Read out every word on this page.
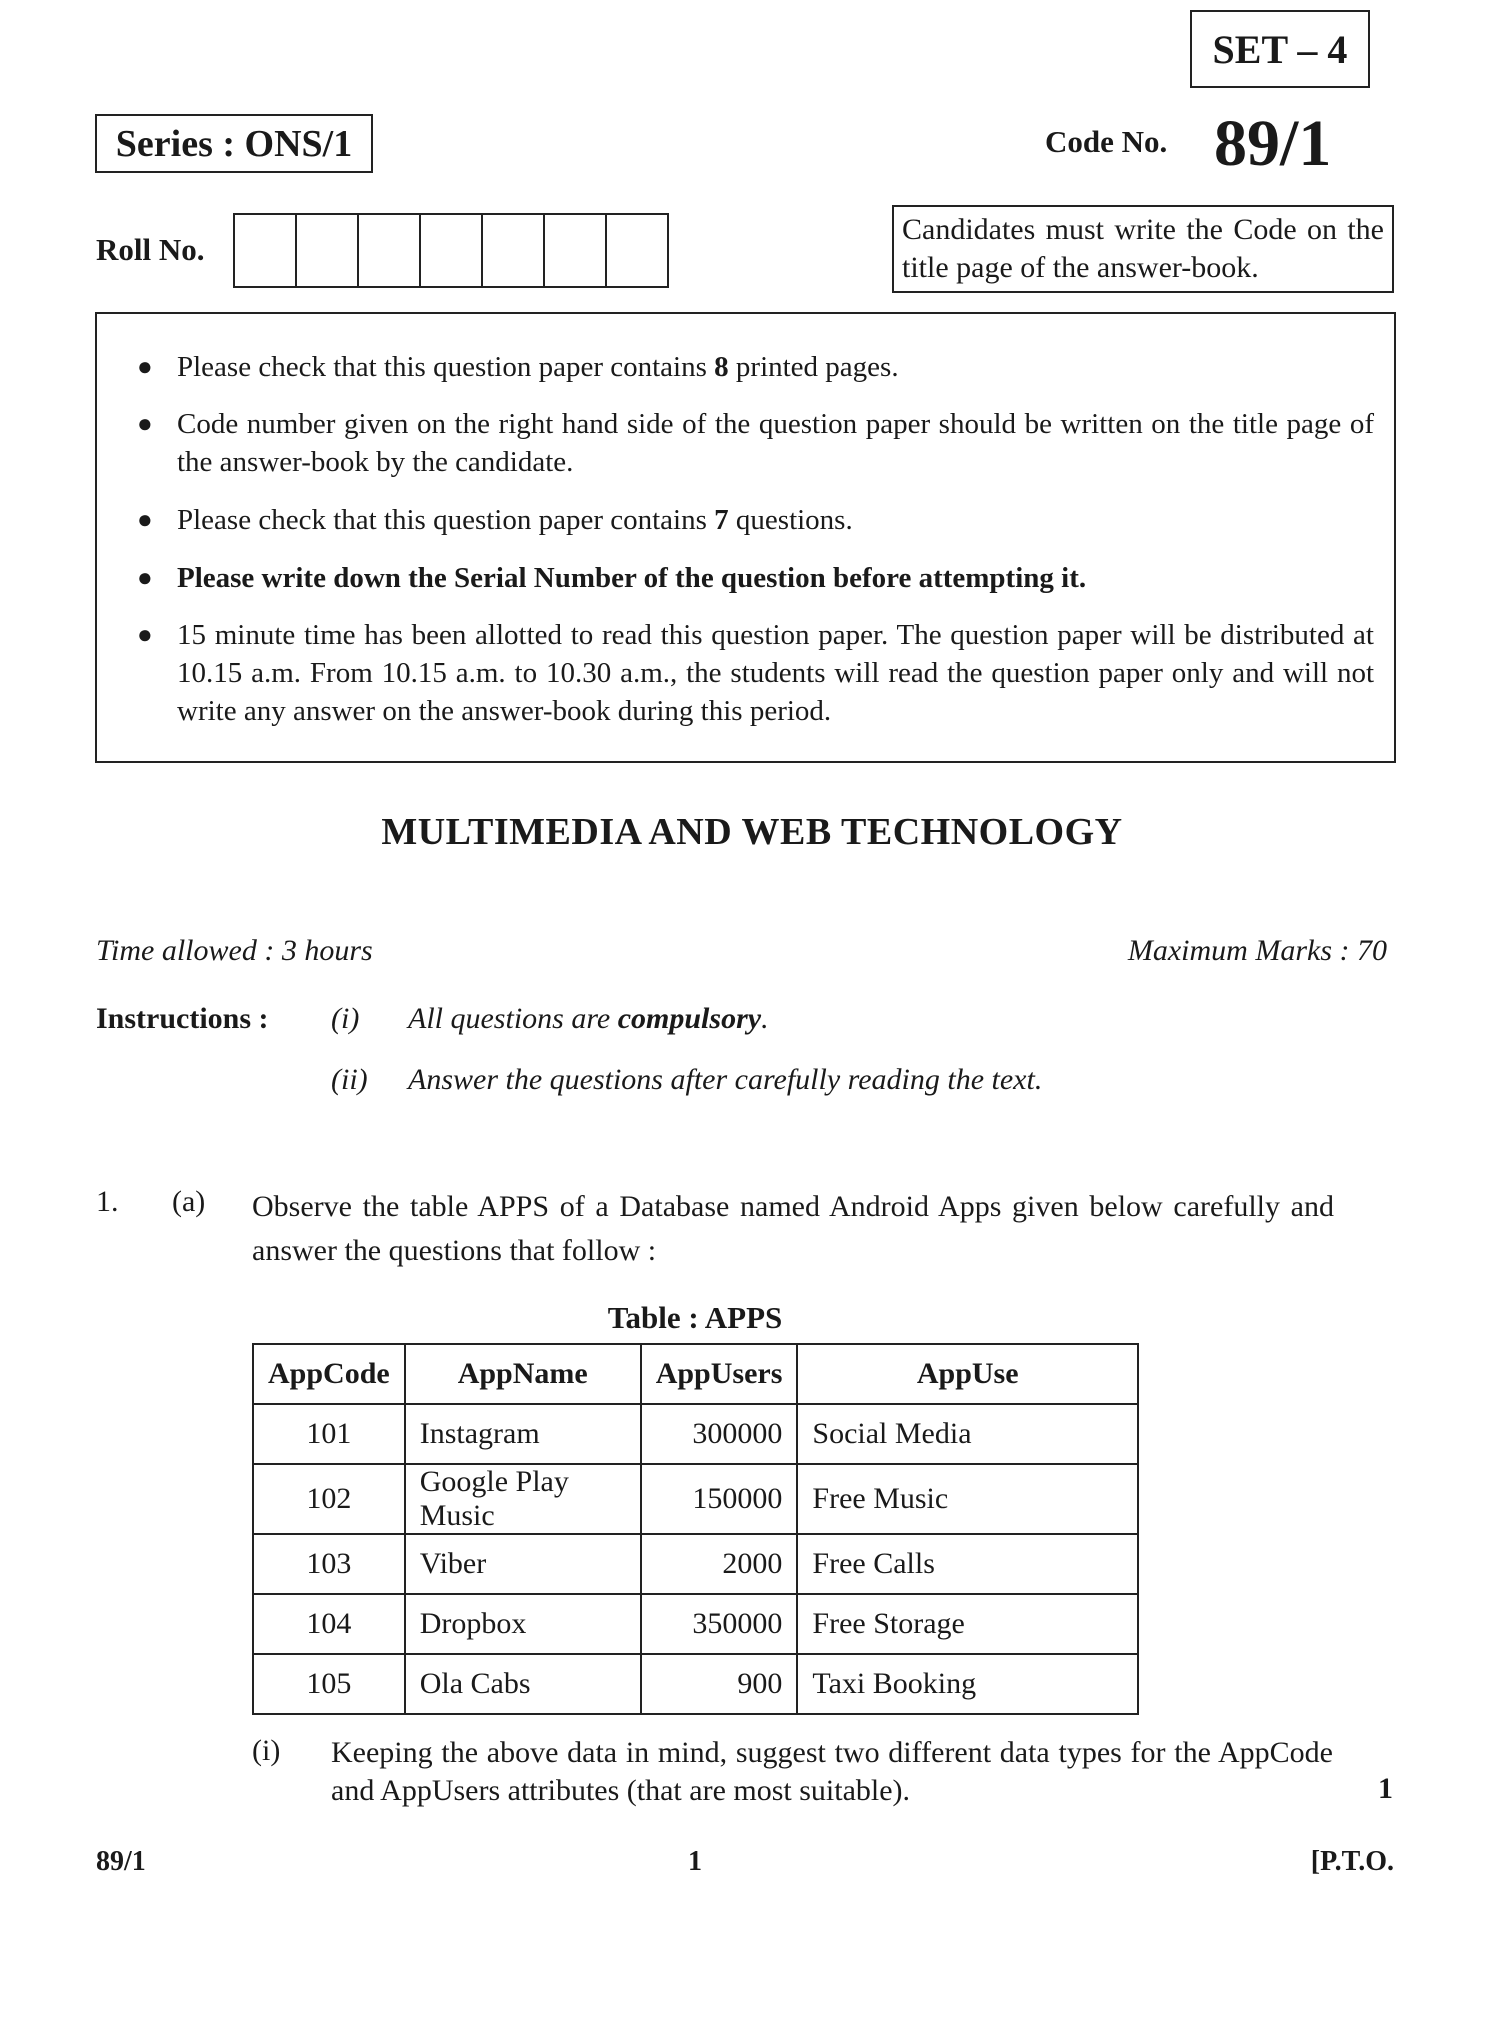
SET – 4
Series : ONS/1	Code No. 89/1
Roll No.
Candidates must write the Code on the title page of the answer-book.
● Please check that this question paper contains 8 printed pages.
● Code number given on the right hand side of the question paper should be written on the title page of the answer-book by the candidate.
● Please check that this question paper contains 7 questions.
● Please write down the Serial Number of the question before attempting it.
● 15 minute time has been allotted to read this question paper. The question paper will be distributed at 10.15 a.m. From 10.15 a.m. to 10.30 a.m., the students will read the question paper only and will not write any answer on the answer-book during this period.
MULTIMEDIA AND WEB TECHNOLOGY
Time allowed : 3 hours	Maximum Marks : 70
Instructions : (i) All questions are compulsory.
(ii) Answer the questions after carefully reading the text.
1. (a) Observe the table APPS of a Database named Android Apps given below carefully and answer the questions that follow :
Table : APPS
AppCode	AppName	AppUsers	AppUse
101	Instagram	300000	Social Media
102	Google Play Music	150000	Free Music
103	Viber	2000	Free Calls
104	Dropbox	350000	Free Storage
105	Ola Cabs	900	Taxi Booking
(i) Keeping the above data in mind, suggest two different data types for the AppCode and AppUsers attributes (that are most suitable).	1
89/1	1	[P.T.O.
